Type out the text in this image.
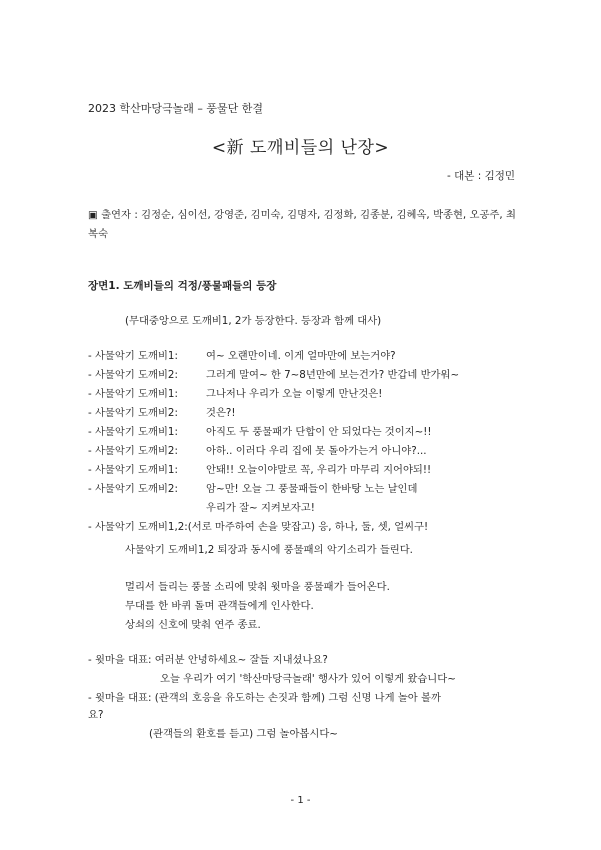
2023 학산마당극놀래 – 풍물단 한결
<新 도깨비들의 난장>
- 대본 : 김정민
▣ 출연자 : 김정순, 심이선, 강영준, 김미숙, 김명자, 김정화, 김종분, 김혜옥, 박종현, 오공주, 최복숙
장면1. 도깨비들의 걱정/풍물패들의 등장
(무대중앙으로 도깨비1, 2가 등장한다. 등장과 함께 대사)
- 사물악기 도깨비1:	여~ 오랜만이네. 이게 얼마만에 보는거야?
- 사물악기 도깨비2:	그러게 말여~ 한 7~8년만에 보는건가? 반갑네 반가워~
- 사물악기 도깨비1:	그나저나 우리가 오늘 이렇게 만난것은!
- 사물악기 도깨비2:	것은?!
- 사물악기 도깨비1:	아직도 두 풍물패가 단합이 안 되었다는 것이지~!!
- 사물악기 도깨비2:	아하.. 이러다 우리 집에 못 돌아가는거 아니야?...
- 사물악기 도깨비1:	안돼!! 오늘이야말로 꼭, 우리가 마무리 지어야되!!
- 사물악기 도깨비2:	암~만! 오늘 그 풍물패들이 한바탕 노는 날인데
우리가 잘~ 지켜보자고!
- 사물악기 도깨비1,2:(서로 마주하여 손을 맞잡고) 응, 하나, 둘, 셋, 얼씨구!
사물악기 도깨비1,2 퇴장과 동시에 풍물패의 악기소리가 들린다.
멀리서 들리는 풍물 소리에 맞춰 윗마을 풍물패가 들어온다.
무대를 한 바퀴 돌며 관객들에게 인사한다.
상쇠의 신호에 맞춰 연주 종료.
- 윗마을 대표: 여러분 안녕하세요~ 잘들 지내셨나요?
오늘 우리가 여기 '학산마당극놀래' 행사가 있어 이렇게 왔습니다~
- 윗마을 대표: (관객의 호응을 유도하는 손짓과 함께) 그럼 신명 나게 놀아 볼까
요?
(관객들의 환호를 듣고) 그럼 놀아봅시다~
- 1 -
